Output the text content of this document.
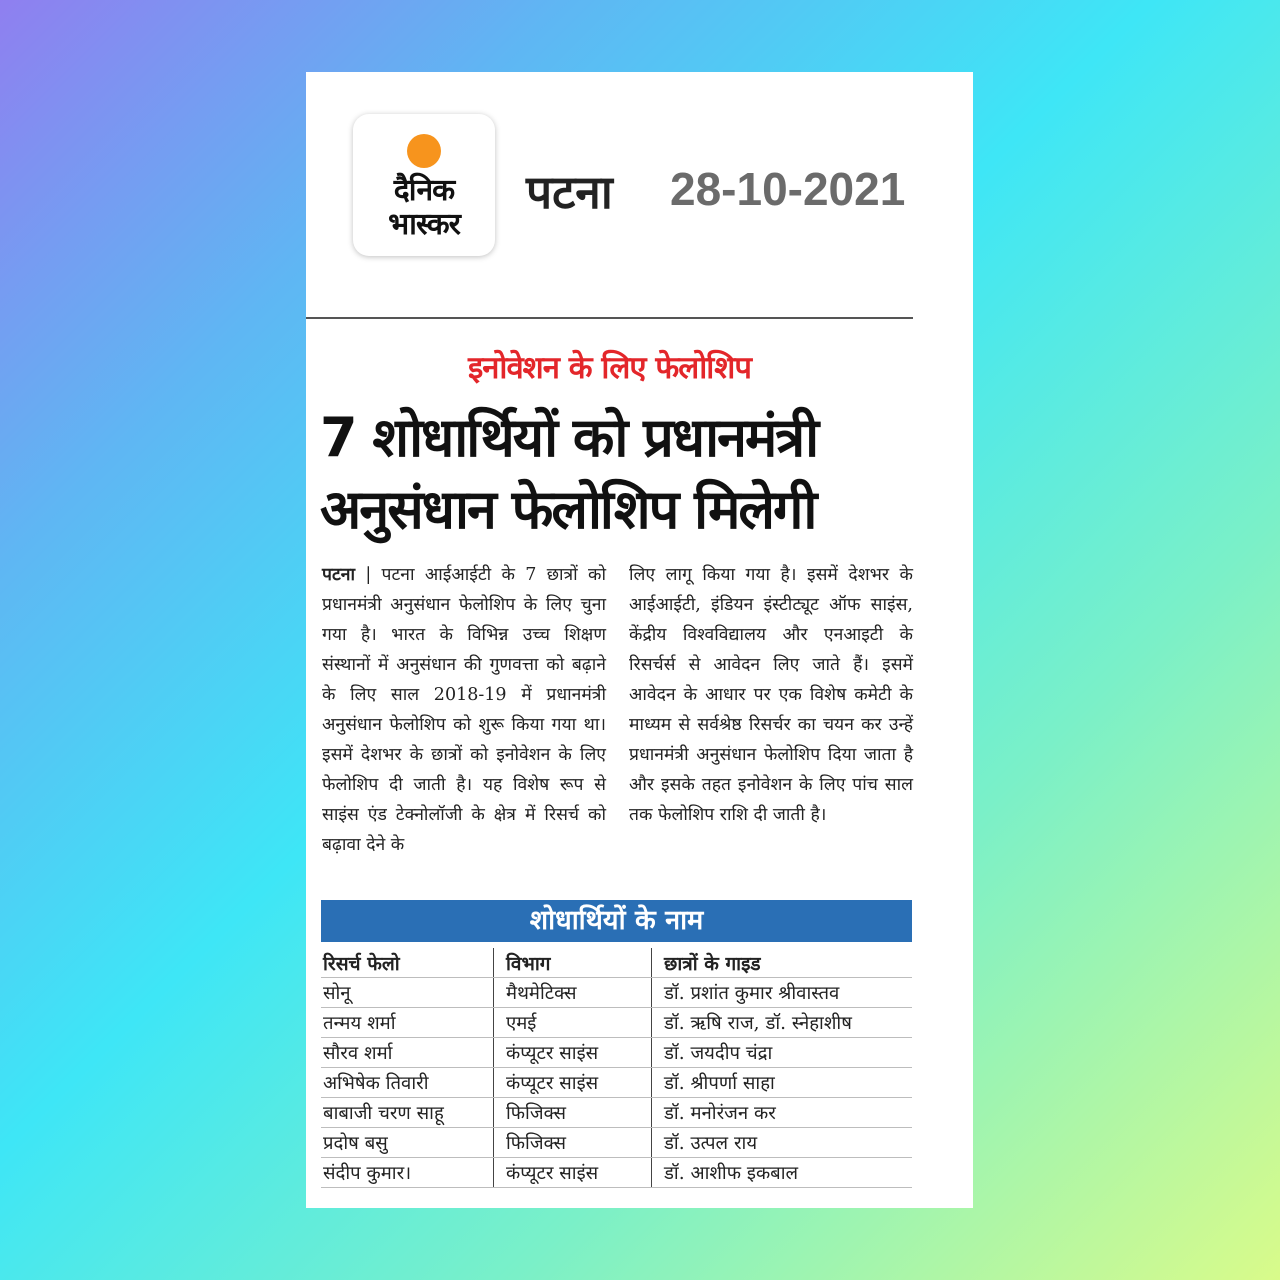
दैनिक
भास्कर
पटना 28-10-2021
इनोवेशन के लिए फेलोशिप
7 शोधार्थियों को प्रधानमंत्री
अनुसंधान फेलोशिप मिलेगी
पटना | पटना आईआईटी के 7 छात्रों को प्रधानमंत्री अनुसंधान फेलोशिप के लिए चुना गया है। भारत के विभिन्न उच्च शिक्षण संस्थानों में अनुसंधान की गुणवत्ता को बढ़ाने के लिए साल 2018-19 में प्रधानमंत्री अनुसंधान फेलोशिप को शुरू किया गया था। इसमें देशभर के छात्रों को इनोवेशन के लिए फेलोशिप दी जाती है। यह विशेष रूप से साइंस एंड टेक्नोलॉजी के क्षेत्र में रिसर्च को बढ़ावा देने के
लिए लागू किया गया है। इसमें देशभर के आईआईटी, इंडियन इंस्टीट्यूट ऑफ साइंस, केंद्रीय विश्वविद्यालय और एनआइटी के रिसर्चर्स से आवेदन लिए जाते हैं। इसमें आवेदन के आधार पर एक विशेष कमेटी के माध्यम से सर्वश्रेष्ठ रिसर्चर का चयन कर उन्हें प्रधानमंत्री अनुसंधान फेलोशिप दिया जाता है और इसके तहत इनोवेशन के लिए पांच साल तक फेलोशिप राशि दी जाती है।
शोधार्थियों के नाम
रिसर्च फेलो	विभाग	छात्रों के गाइड
सोनू	मैथमेटिक्स	डॉ. प्रशांत कुमार श्रीवास्तव
तन्मय शर्मा	एमई	डॉ. ऋषि राज, डॉ. स्नेहाशीष
सौरव शर्मा	कंप्यूटर साइंस	डॉ. जयदीप चंद्रा
अभिषेक तिवारी	कंप्यूटर साइंस	डॉ. श्रीपर्णा साहा
बाबाजी चरण साहू	फिजिक्स	डॉ. मनोरंजन कर
प्रदोष बसु	फिजिक्स	डॉ. उत्पल राय
संदीप कुमार।	कंप्यूटर साइंस	डॉ. आशीफ इकबाल
